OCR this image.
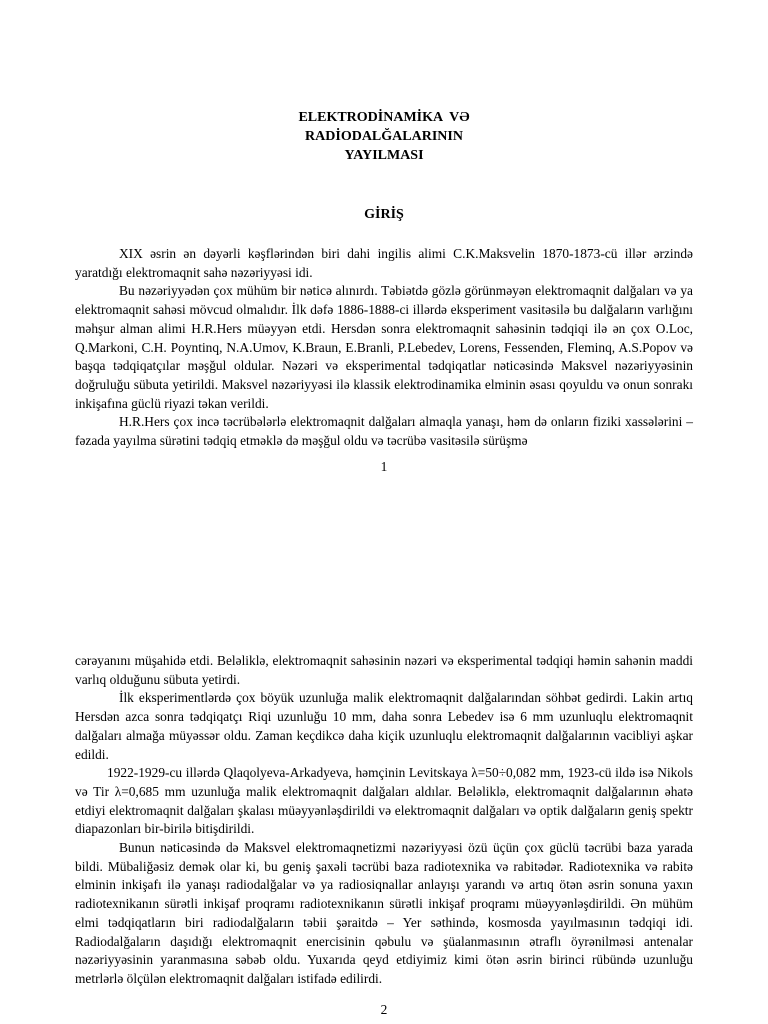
ELEKTRODİNAMİKA  VƏ
RADİODALĞALARININ
YAYILMASI
GİRİŞ

XIX əsrin ən dəyərli kəşflərindən biri dahi ingilis alimi C.K.Maksvelin 1870-1873-cü illər ərzində yaratdığı elektromaqnit sahə nəzəriyyəsi idi.

Bu nəzəriyyədən çox mühüm bir nəticə alınırdı. Təbiətdə gözlə görünməyən elektromaqnit dalğaları və ya elektromaqnit sahəsi mövcud olmalıdır. İlk dəfə 1886-1888-ci illərdə eksperiment vasitəsilə bu dalğaların varlığını məhşur alman alimi H.R.Hers müəyyən etdi. Hersdən sonra elektromaqnit sahəsinin tədqiqi ilə ən çox O.Loc, Q.Markoni, C.H. Poyntinq, N.A.Umov, K.Braun, E.Branli, P.Lebedev, Lorens, Fessenden, Fleminq, A.S.Popov və başqa tədqiqatçılar məşğul oldular. Nəzəri və eksperimental tədqiqatlar nəticəsində Maksvel nəzəriyyəsinin doğruluğu sübuta yetirildi. Maksvel nəzəriyyəsi ilə klassik elektrodinamika elminin əsası qoyuldu və onun sonrakı inkişafına güclü riyazi təkan verildi.

H.R.Hers çox incə təcrübələrlə elektromaqnit dalğaları almaqla yanaşı, həm də onların fiziki xassələrini – fəzada yayılma sürətini tədqiq etməklə də məşğul oldu və təcrübə vasitəsilə sürüşmə

1

cərəyanını müşahidə etdi. Beləliklə, elektromaqnit sahəsinin nəzəri və eksperimental tədqiqi həmin sahənin maddi varlıq olduğunu sübuta yetirdi.

İlk eksperimentlərdə çox böyük uzunluğa malik elektromaqnit dalğalarından söhbət gedirdi. Lakin artıq Hersdən azca sonra tədqiqatçı Riqi uzunluğu 10 mm, daha sonra Lebedev isə 6 mm uzunluqlu elektromaqnit dalğaları almağa müyəssər oldu. Zaman keçdikcə daha kiçik uzunluqlu elektromaqnit dalğalarının vacibliyi aşkar edildi.

1922-1929-cu illərdə Qlaqolyeva-Arkadyeva, həmçinin Levitskaya λ=50÷0,082 mm, 1923-cü ildə isə Nikols və Tir λ=0,685 mm uzunluğa malik elektromaqnit dalğaları aldılar. Beləliklə, elektromaqnit dalğalarının əhatə etdiyi elektromaqnit dalğaları şkalası müəyyənləşdirildi və elektromaqnit dalğaları və optik dalğaların geniş spektr diapazonları bir-birilə bitişdirildi.

Bunun nəticəsində də Maksvel elektromaqnetizmi nəzəriyyəsi özü üçün çox güclü təcrübi baza yarada bildi. Mübaliğəsiz demək olar ki, bu geniş şaxəli təcrübi baza radiotexnika və rabitədər. Radiotexnika və rabitə elminin inkişafı ilə yanaşı radiodalğalar və ya radiosiqnallar anlayışı yarandı və artıq ötən əsrin sonuna yaxın radiotexnikanın sürətli inkişaf proqramı radiotexnikanın sürətli inkişaf proqramı müəyyənləşdirildi. Ən mühüm elmi tədqiqatların biri radiodalğaların təbii şəraitdə – Yer səthində, kosmosda yayılmasının tədqiqi idi. Radiodalğaların daşıdığı elektromaqnit enercisinin qəbulu və şüalanmasının ətraflı öyrənilməsi antenalar nəzəriyyəsinin yaranmasına səbəb oldu. Yuxarıda qeyd etdiyimiz kimi ötən əsrin birinci rübündə uzunluğu metrlərlə ölçülən elektromaqnit dalğaları istifadə edilirdi.

2
